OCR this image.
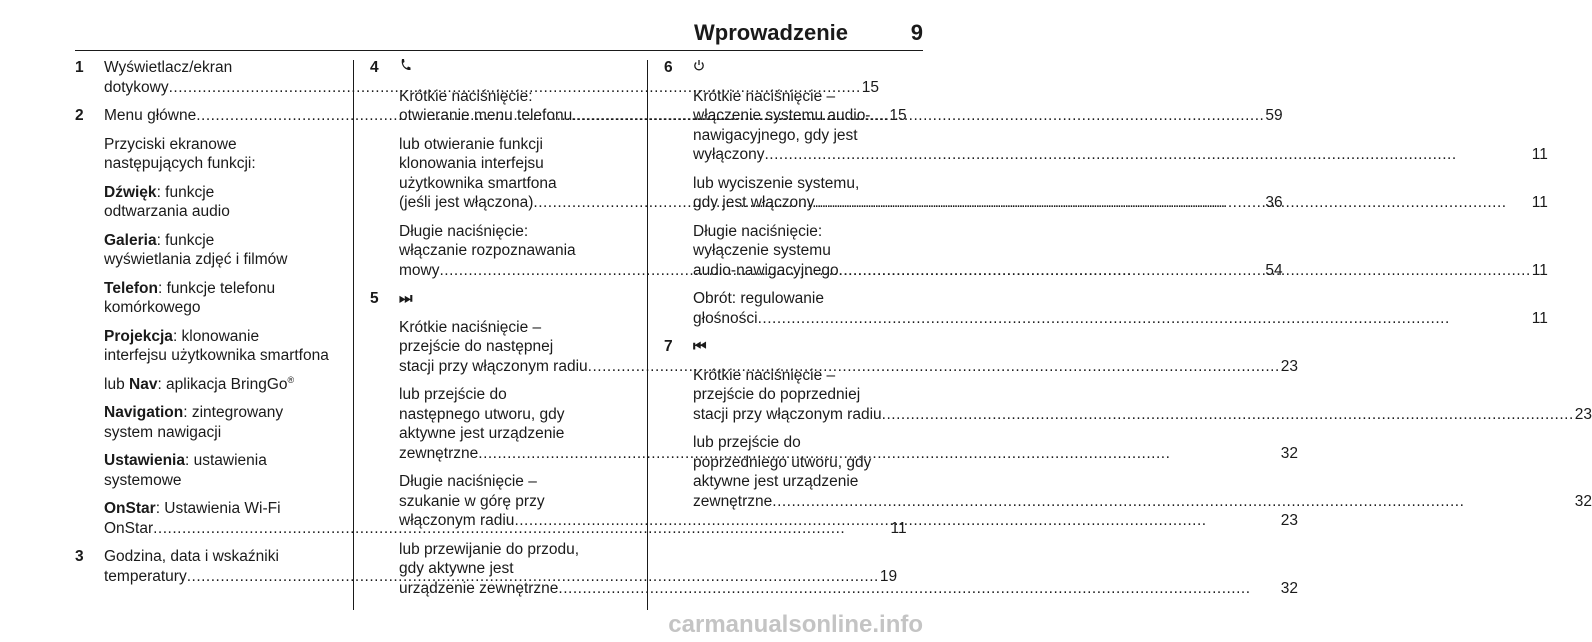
Wprowadzenie	9
1	Wyświetlacz/ekran
dotykowy .....	15
2	Menu główne .....	15

Przyciski ekranowe
następujących funkcji:

Dźwięk: funkcje
odtwarzania audio

Galeria: funkcje
wyświetlania zdjęć i filmów

Telefon: funkcje telefonu
komórkowego

Projekcja: klonowanie
interfejsu użytkownika smartfona

lub Nav: aplikacja BringGo®

Navigation: zintegrowany
system nawigacji

Ustawienia: ustawienia
systemowe

OnStar: Ustawienia Wi-Fi
OnStar .....	11

3	Godzina, data i wskaźniki
temperatury .....	19
4

Krótkie naciśnięcie:
otwieranie menu telefonu .....	59

lub otwieranie funkcji
klonowania interfejsu
użytkownika smartfona
(jeśli jest włączona) .....	36

Długie naciśnięcie:
włączanie rozpoznawania
mowy .....	54

5	⏭

Krótkie naciśnięcie –
przejście do następnej
stacji przy włączonym radiu .....	23

lub przejście do
następnego utworu, gdy
aktywne jest urządzenie
zewnętrzne .....	32

Długie naciśnięcie –
szukanie w górę przy
włączonym radiu .....	23

lub przewijanie do przodu,
gdy aktywne jest
urządzenie zewnętrzne .....	32

6

Krótkie naciśnięcie –
włączenie systemu audio-
nawigacyjnego, gdy jest
wyłączony .....	11

lub wyciszenie systemu,
gdy jest włączony .....	11

Długie naciśnięcie:
wyłączenie systemu
audio-nawigacyjnego .....	11

Obrót: regulowanie
głośności .....	11

7	⏮

Krótkie naciśnięcie –
przejście do poprzedniej
stacji przy włączonym radiu .....	23

lub przejście do
poprzedniego utworu, gdy
aktywne jest urządzenie
zewnętrzne .....	32

carmanualsonline.info
